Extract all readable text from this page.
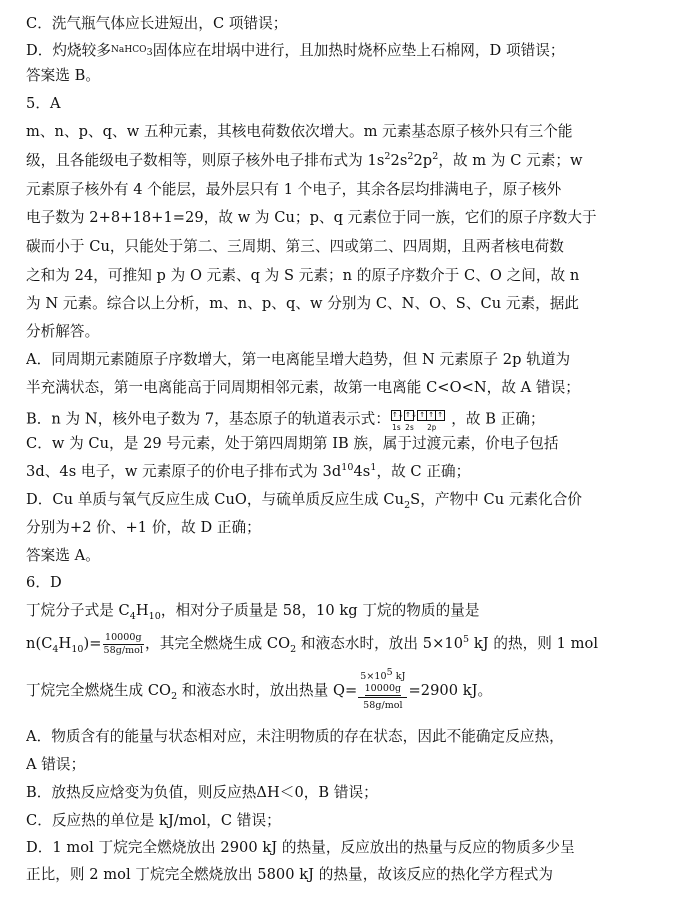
C．洗气瓶气体应长进短出，C 项错误；
D．灼烧较多$^{NaHCO_3}$固体应在坩埚中进行，且加热时烧杯应垫上石棉网，D 项错误；
答案选 B。
5．A
m、n、p、q、w 五种元素，其核电荷数依次增大。m 元素基态原子核外只有三个能
级，且各能级电子数相等，则原子核外电子排布式为 $1s^22s^22p^2$，故 m 为 C 元素；w
元素原子核外有 4 个能层，最外层只有 1 个电子，其余各层均排满电子，原子核外
电子数为 2+8+18+1=29，故 w 为 Cu；p、q 元素位于同一族，它们的原子序数大于
碳而小于 Cu，只能处于第二、三周期、第三、四或第二、四周期，且两者核电荷数
之和为 24，可推知 p 为 O 元素、q 为 S 元素；n 的原子序数介于 C、O 之间，故 n
为 N 元素。综合以上分析，m、n、p、q、w 分别为 C、N、O、S、Cu 元素，据此
分析解答。
A．同周期元素随原子序数增大，第一电离能呈增大趋势，但 N 元素原子 2p 轨道为
半充满状态，第一电离能高于同周期相邻元素，故第一电离能 C<O<N，故 A 错误；
B．n 为 N，核外电子数为 7，基态原子的轨道表示式： ↑↓
1s
↑↓
2s
↑ ↑ ↑
2p	，故 B 正确；
C．w 为 Cu，是 29 号元素，处于第四周期第 IB 族，属于过渡元素，价电子包括
3d、4s 电子，w 元素原子的价电子排布式为 $3d^{10}4s^1$，故 C 正确；
D．Cu 单质与氧气反应生成 CuO，与硫单质反应生成 $Cu_2S$，产物中 Cu 元素化合价
分别为+2 价、+1 价，故 D 正确；
答案选 A。
6．D
丁烷分子式是 $C_4H_{10}$，相对分子质量是 58，10 kg 丁烷的物质的量是
$n(C_4H_{10})= \frac{10000g}{\text{58g/mol}}$ ，其完全燃烧生成 $CO_2$ 和液态水时，放出 $5\times 10^5$ kJ 的热，则 1 mol
丁烷完全燃烧生成 $CO_2$ 和液态水时，放出热量 Q=
$5\times 10^5$ kJ

10000g
58g/mol
=2900 kJ。
A．物质含有的能量与状态相对应，未注明物质的存在状态，因此不能确定反应热，
A 错误；
B．放热反应焓变为负值，则反应热ΔH＜0，B 错误；
C．反应热的单位是 kJ/mol，C 错误；
D．1 mol 丁烷完全燃烧放出 2900 kJ 的热量，反应放出的热量与反应的物质多少呈
正比，则 2 mol 丁烷完全燃烧放出 5800 kJ 的热量，故该反应的热化学方程式为
